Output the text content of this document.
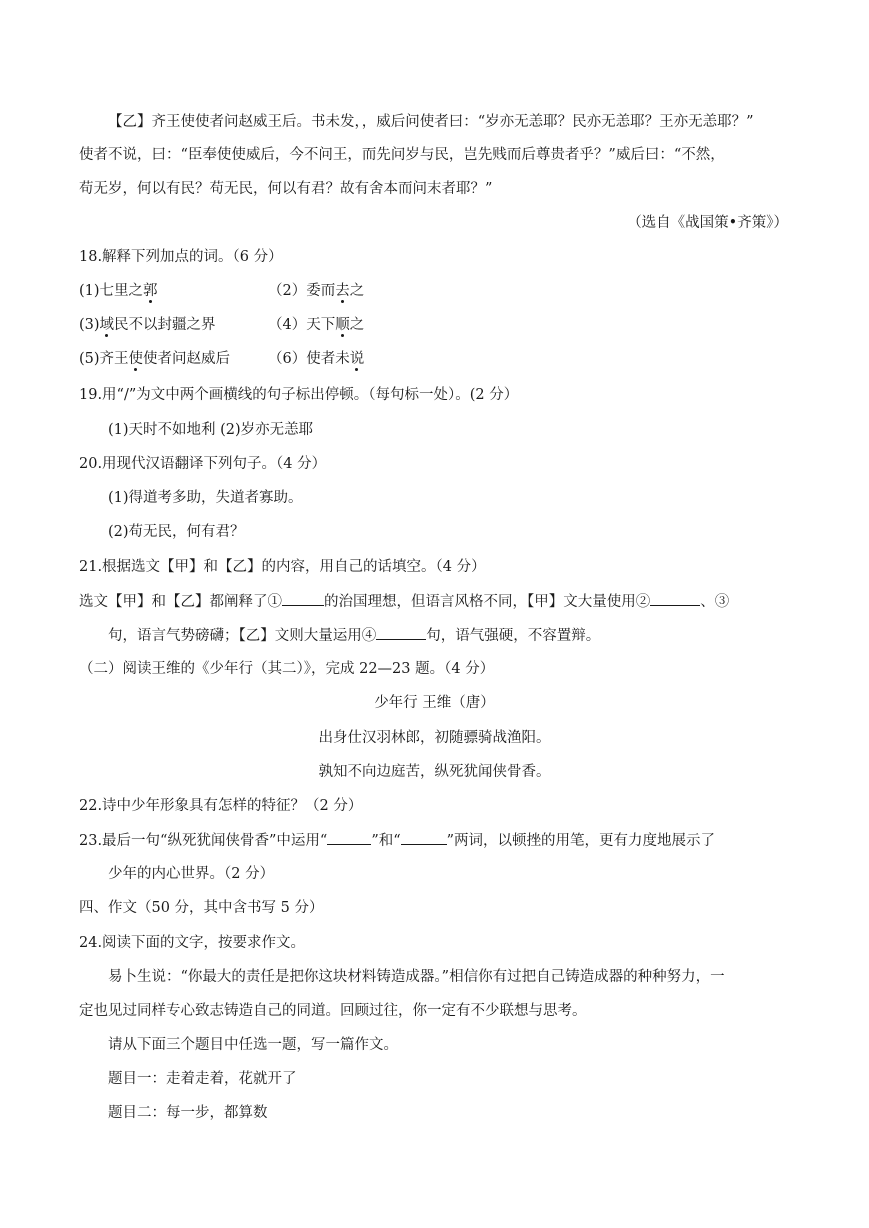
【乙】齐王使使者问赵威王后。书未发，，威后问使者曰：“岁亦无恙耶？民亦无恙耶？王亦无恙耶？”
使者不说，曰：“臣奉使使威后，今不问王，而先问岁与民，岂先贱而后尊贵者乎？”威后曰：“不然，
苟无岁，何以有民？苟无民，何以有君？故有舍本而问末者耶？”
（选自《战国策•齐策》）
18.解释下列加点的词。（6 分）
(1)七里之郭	（2）委而去之
(3)域民不以封疆之界	（4）天下顺之
(5)齐王使使者问赵威后	（6）使者未说
19.用“/”为文中两个画横线的句子标出停顿。（每句标一处）。(2 分）
(1)天时不如地利 (2)岁亦无恙耶
20.用现代汉语翻译下列句子。（4 分）
(1)得道考多助，失道者寡助。
(2)苟无民，何有君？
21.根据选文【甲】和【乙】的内容，用自己的话填空。（4 分）
选文【甲】和【乙】都阐释了①	的治国理想，但语言风格不同，【甲】文大量使用②	、③
句，语言气势磅礴；【乙】文则大量运用④	句，语气强硬，不容置辩。
（二）阅读王维的《少年行（其二）》，完成 22—23 题。（4 分）
少年行 王维（唐）
出身仕汉羽林郎，初随骠骑战渔阳。
孰知不向边庭苦，纵死犹闻侠骨香。
22.诗中少年形象具有怎样的特征？（2 分）
23.最后一句“纵死犹闻侠骨香”中运用“	”和“	”两词，以顿挫的用笔，更有力度地展示了
少年的内心世界。（2 分）
四、作文（50 分，其中含书写 5 分）
24.阅读下面的文字，按要求作文。
易卜生说：“你最大的责任是把你这块材料铸造成器。”相信你有过把自己铸造成器的种种努力，一
定也见过同样专心致志铸造自己的同道。回顾过往，你一定有不少联想与思考。
请从下面三个题目中任选一题，写一篇作文。
题目一：走着走着，花就开了
题目二：每一步，都算数
